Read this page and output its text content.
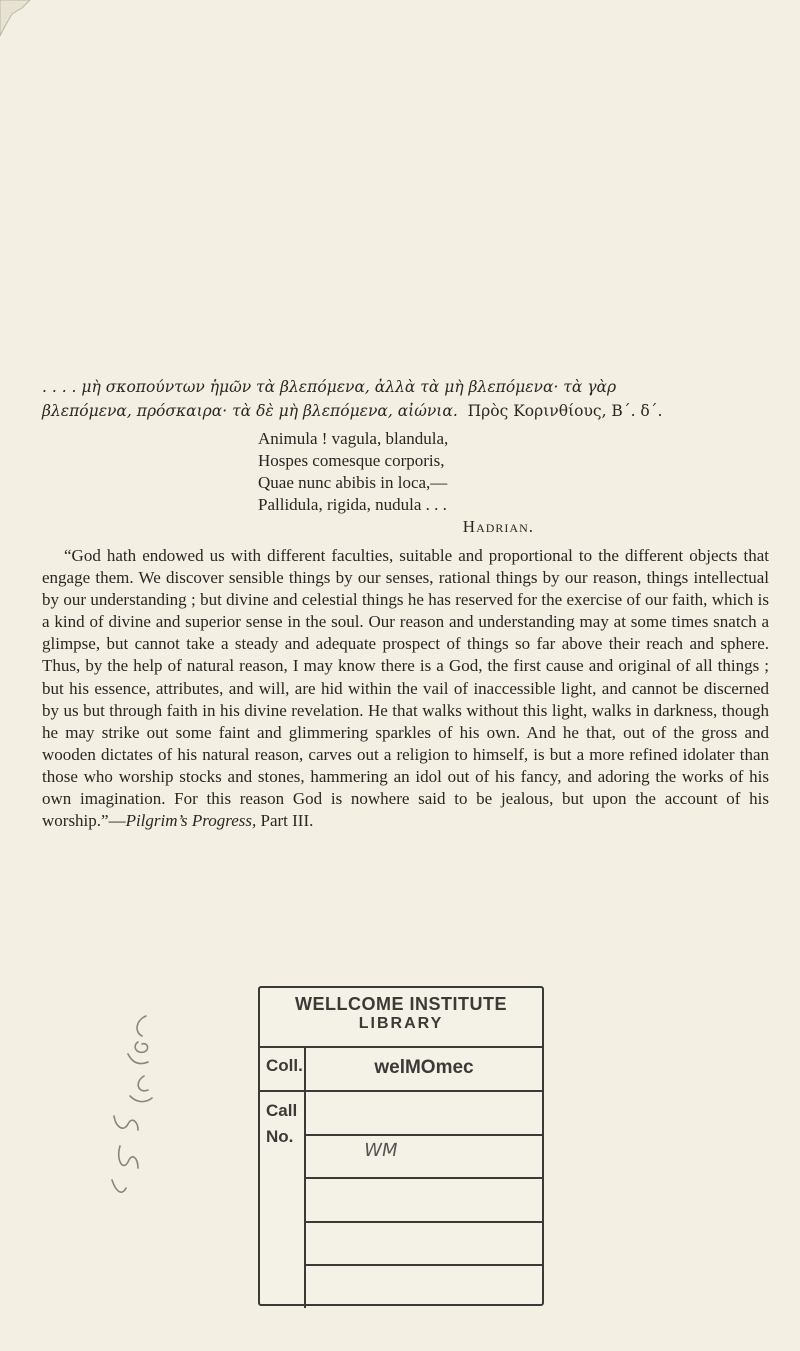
. . . . μὴ σκοπούντων ἡμῶν τὰ βλεπόμενα, ἀλλὰ τὰ μὴ βλεπόμενα· τὰ γὰρ
βλεπόμενα, πρόσκαιρα· τὰ δὲ μὴ βλεπόμενα, αἰώνια. Πρὸς Κορινθίους, Β΄. δ΄.
Animula ! vagula, blandula,
Hospes comesque corporis,
Quae nunc abibis in loca,—
Pallidula, rigida, nudula . . .
Hadrian.
“God hath endowed us with different faculties, suitable and proportional to the different objects that engage them. We discover sensible things by our senses, rational things by our reason, things intellectual by our understanding ; but divine and celestial things he has reserved for the exercise of our faith, which is a kind of divine and superior sense in the soul. Our reason and understanding may at some times snatch a glimpse, but cannot take a steady and adequate prospect of things so far above their reach and sphere. Thus, by the help of natural reason, I may know there is a God, the first cause and original of all things ; but his essence, attributes, and will, are hid within the vail of inaccessible light, and cannot be discerned by us but through faith in his divine revelation. He that walks without this light, walks in darkness, though he may strike out some faint and glimmering sparkles of his own. And he that, out of the gross and wooden dictates of his natural reason, carves out a religion to himself, is but a more refined idolater than those who worship stocks and stones, hammering an idol out of his fancy, and adoring the works of his own imagination. For this reason God is nowhere said to be jealous, but upon the account of his worship.”—Pilgrim’s Progress, Part III.
WELLCOME INSTITUTE
LIBRARY
Coll.	welMOmec
Call
No.
WM
